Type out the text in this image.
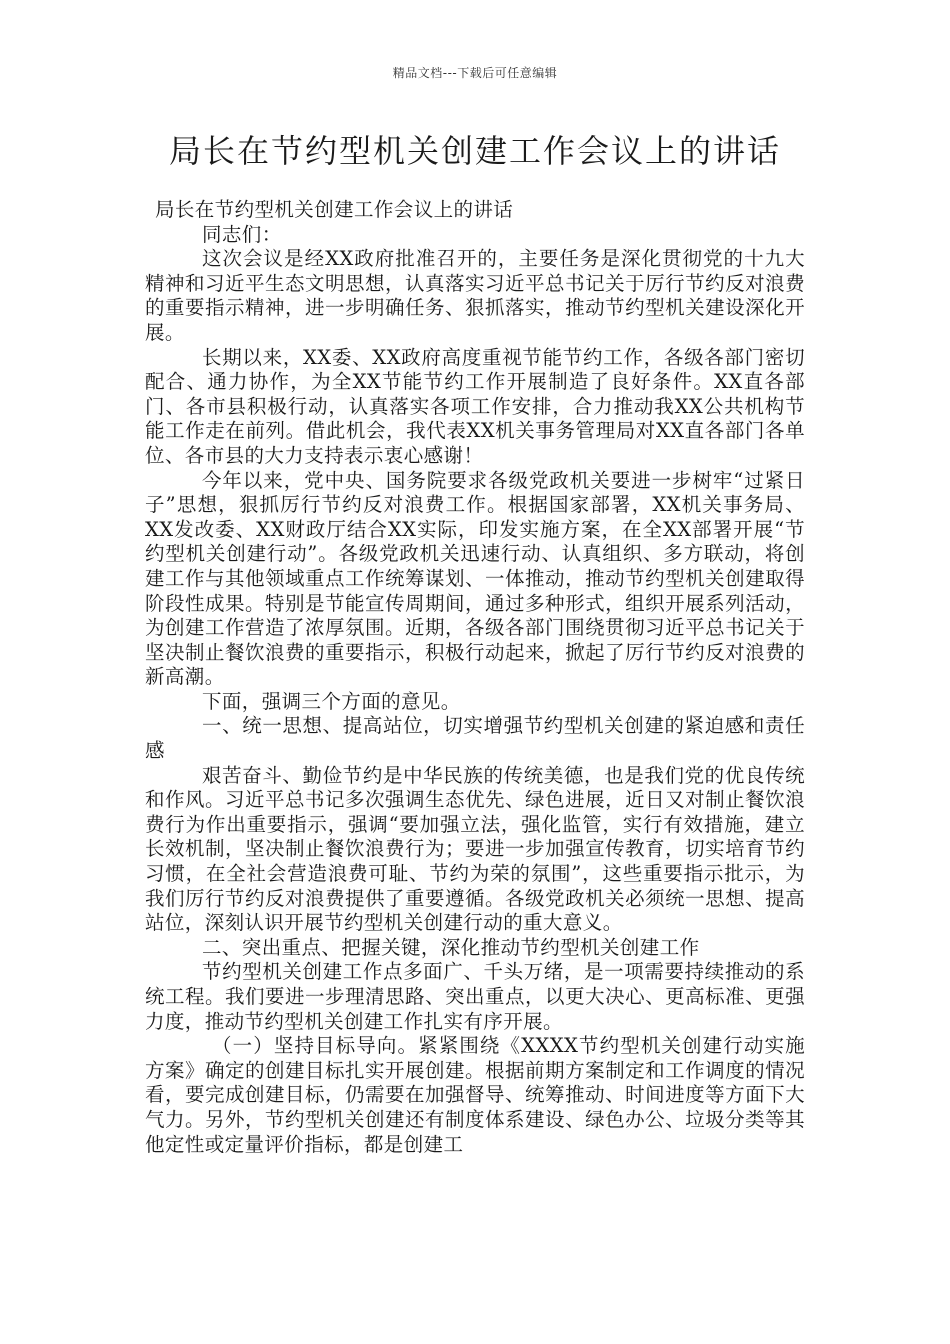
精品文档---下载后可任意编辑
局长在节约型机关创建工作会议上的讲话

局长在节约型机关创建工作会议上的讲话

同志们：

这次会议是经XX政府批准召开的，主要任务是深化贯彻党的十九大精神和习近平生态文明思想，认真落实习近平总书记关于厉行节约反对浪费的重要指示精神，进一步明确任务、狠抓落实，推动节约型机关建设深化开展。

长期以来，XX委、XX政府高度重视节能节约工作，各级各部门密切配合、通力协作，为全XX节能节约工作开展制造了良好条件。XX直各部门、各市县积极行动，认真落实各项工作安排，合力推动我XX公共机构节能工作走在前列。借此机会，我代表XX机关事务管理局对XX直各部门各单位、各市县的大力支持表示衷心感谢！

今年以来，党中央、国务院要求各级党政机关要进一步树牢“过紧日子”思想，狠抓厉行节约反对浪费工作。根据国家部署，XX机关事务局、XX发改委、XX财政厅结合XX实际，印发实施方案，在全XX部署开展“节约型机关创建行动”。各级党政机关迅速行动、认真组织、多方联动，将创建工作与其他领域重点工作统筹谋划、一体推动，推动节约型机关创建取得阶段性成果。特别是节能宣传周期间，通过多种形式，组织开展系列活动，为创建工作营造了浓厚氛围。近期，各级各部门围绕贯彻习近平总书记关于坚决制止餐饮浪费的重要指示，积极行动起来，掀起了厉行节约反对浪费的新高潮。

下面，强调三个方面的意见。

一、统一思想、提高站位，切实增强节约型机关创建的紧迫感和责任感

艰苦奋斗、勤俭节约是中华民族的传统美德，也是我们党的优良传统和作风。习近平总书记多次强调生态优先、绿色进展，近日又对制止餐饮浪费行为作出重要指示，强调“要加强立法，强化监管，实行有效措施，建立长效机制，坚决制止餐饮浪费行为；要进一步加强宣传教育，切实培育节约习惯，在全社会营造浪费可耻、节约为荣的氛围”，这些重要指示批示，为我们厉行节约反对浪费提供了重要遵循。各级党政机关必须统一思想、提高站位，深刻认识开展节约型机关创建行动的重大意义。

二、突出重点、把握关键，深化推动节约型机关创建工作

节约型机关创建工作点多面广、千头万绪，是一项需要持续推动的系统工程。我们要进一步理清思路、突出重点，以更大决心、更高标准、更强力度，推动节约型机关创建工作扎实有序开展。

（一）坚持目标导向。紧紧围绕《XXXX节约型机关创建行动实施方案》确定的创建目标扎实开展创建。根据前期方案制定和工作调度的情况看，要完成创建目标，仍需要在加强督导、统筹推动、时间进度等方面下大气力。另外，节约型机关创建还有制度体系建设、绿色办公、垃圾分类等其他定性或定量评价指标，都是创建工
